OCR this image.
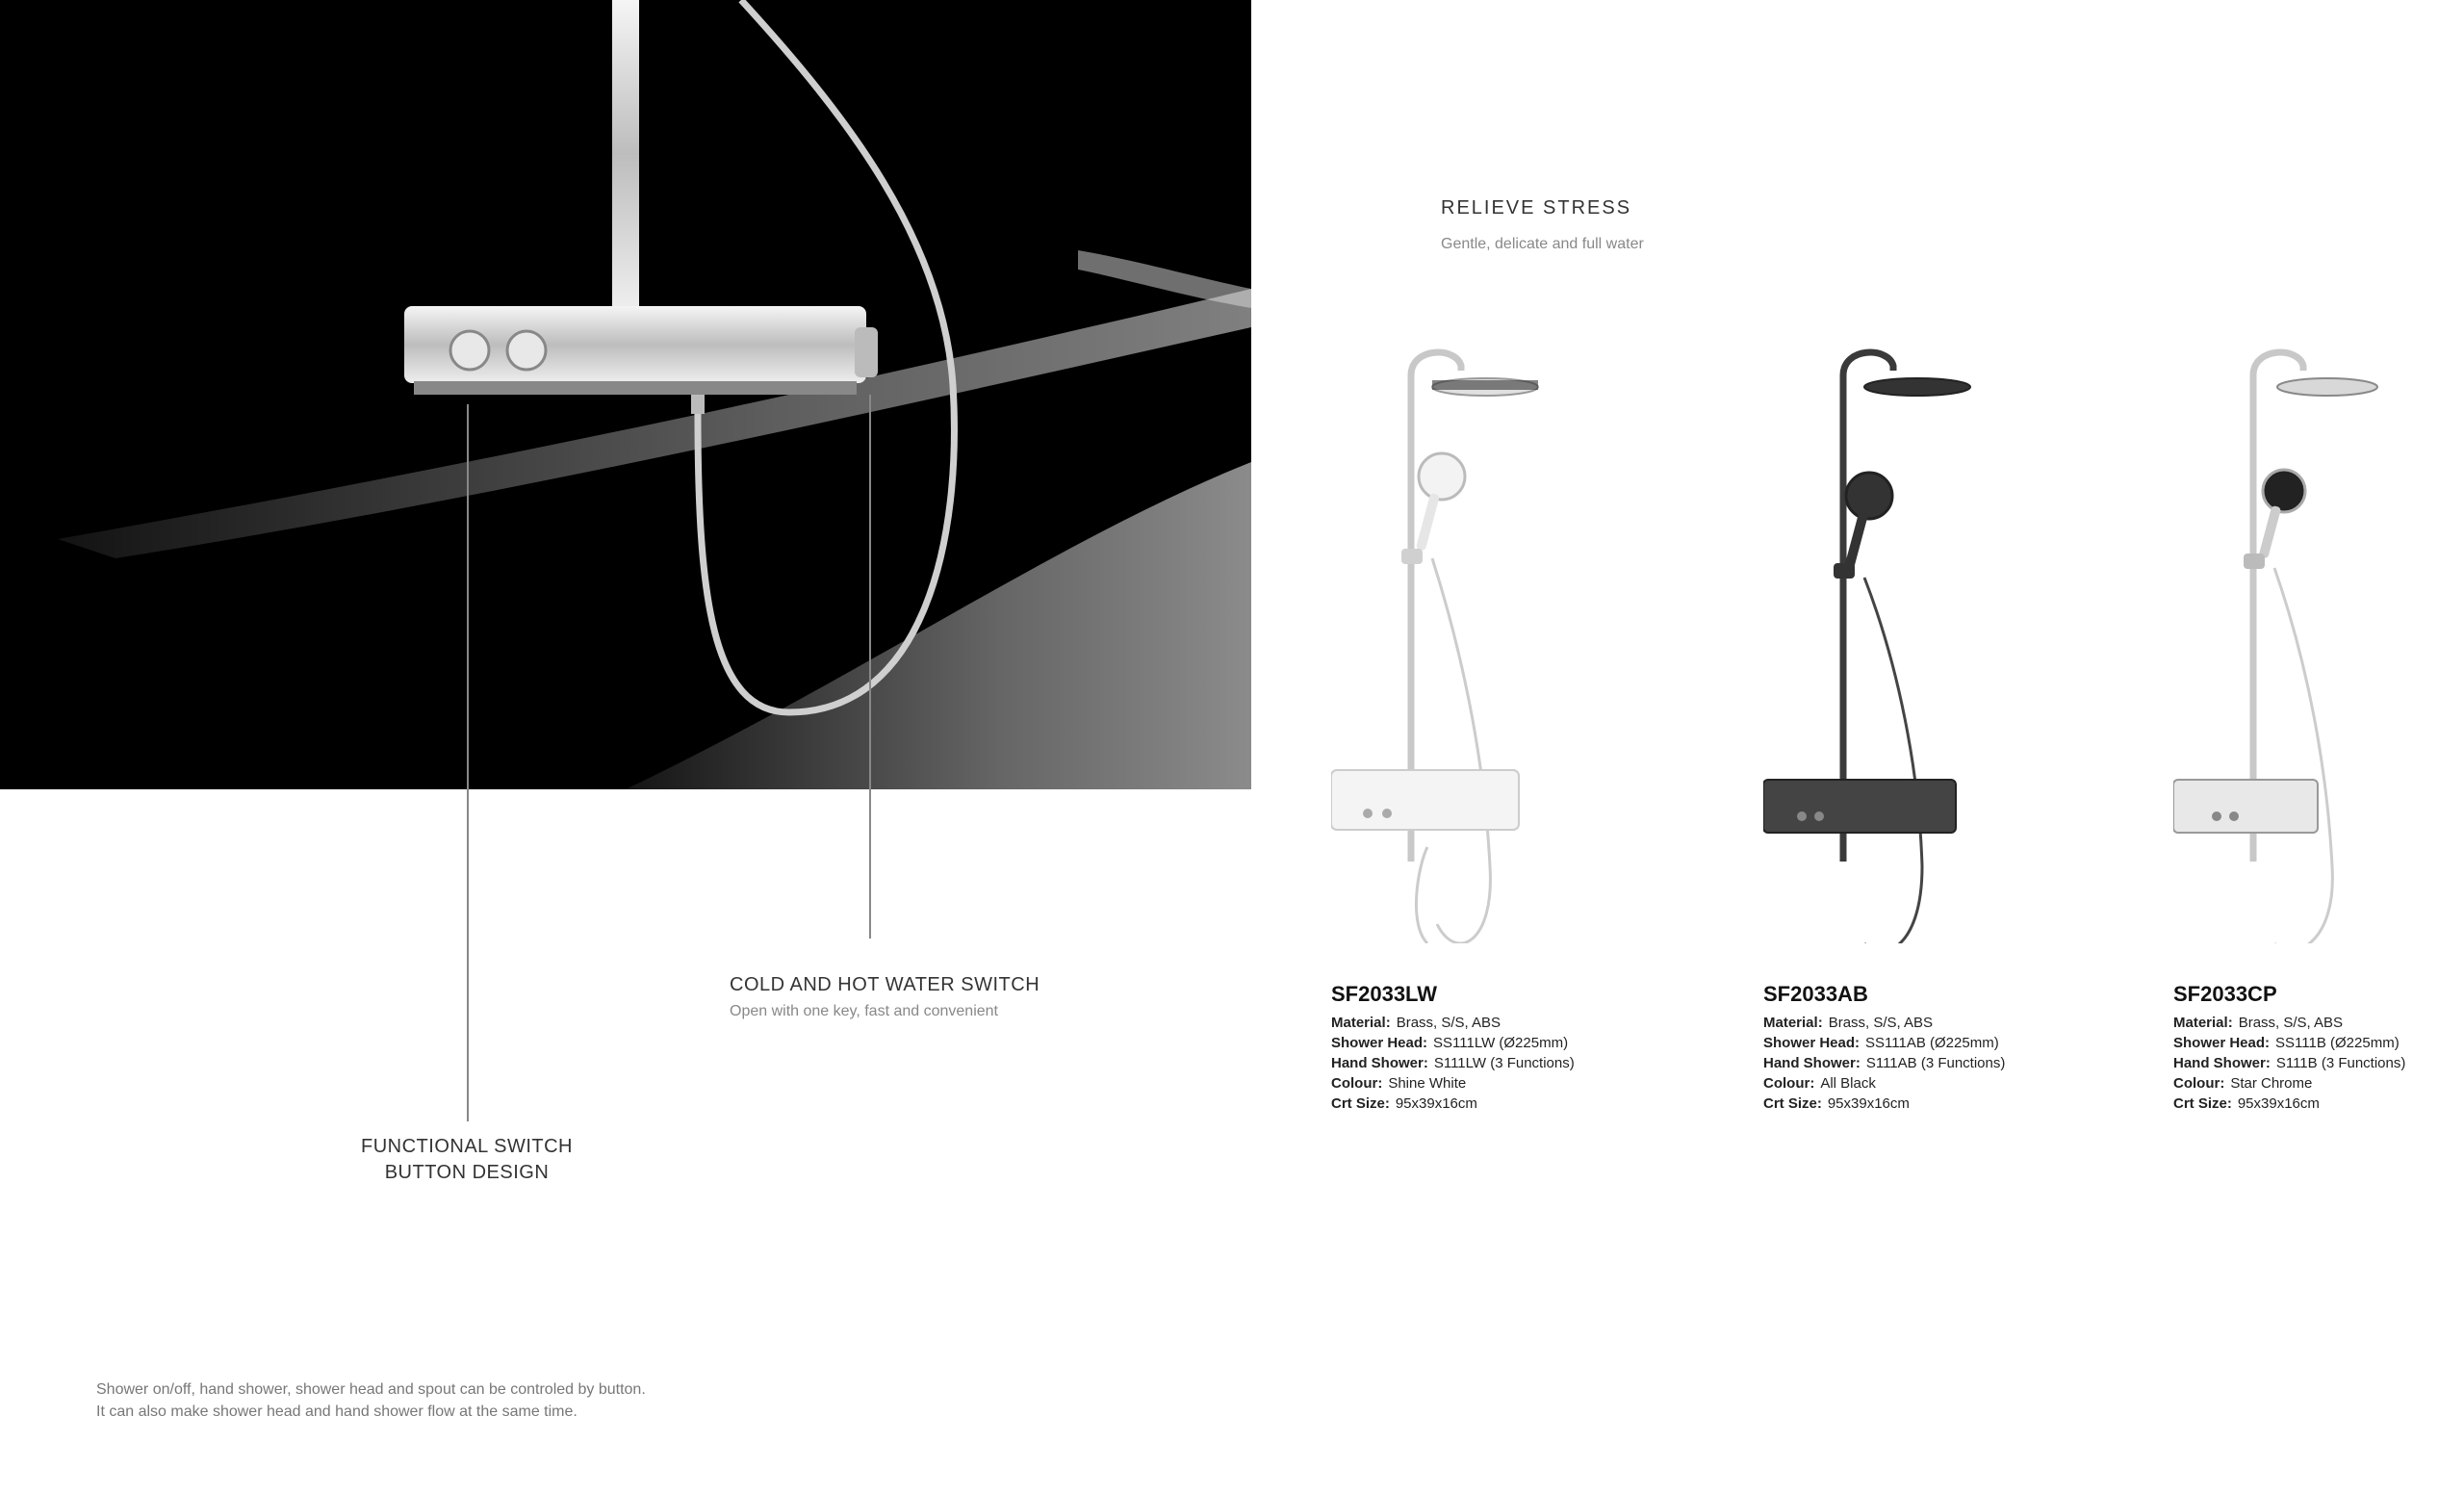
COLD AND HOT WATER SWITCH
Open with one key, fast and convenient
FUNCTIONAL SWITCH
BUTTON DESIGN
RELIEVE STRESS
Gentle, delicate and full water
SF2033LW
Material: Brass, S/S, ABS
Shower Head: SS111LW (Ø225mm)
Hand Shower: S111LW (3 Functions)
Colour: Shine White
Crt Size: 95x39x16cm
SF2033AB
Material: Brass, S/S, ABS
Shower Head: SS111AB (Ø225mm)
Hand Shower: S111AB (3 Functions)
Colour: All Black
Crt Size: 95x39x16cm
SF2033CP
Material: Brass, S/S, ABS
Shower Head: SS111B (Ø225mm)
Hand Shower: S111B (3 Functions)
Colour: Star Chrome
Crt Size: 95x39x16cm
Shower on/off, hand shower, shower head and spout can be controled by button.
It can also make shower head and hand shower flow at the same time.
